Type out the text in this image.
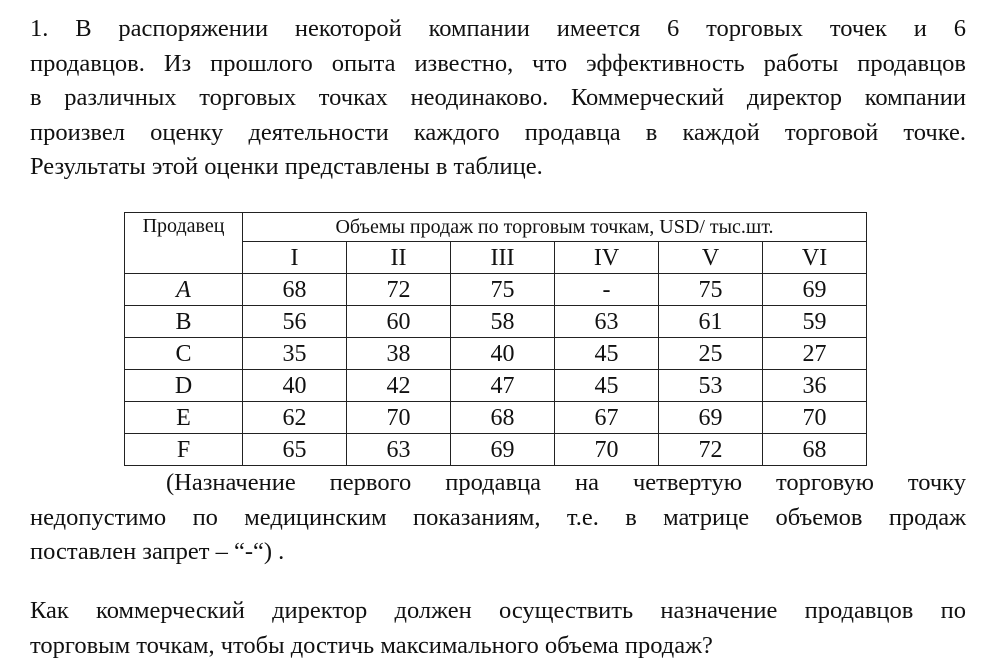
1. В распоряжении некоторой компании имеется 6 торговых точек и 6

продавцов. Из прошлого опыта известно, что эффективность работы продавцов

в различных торговых точках неодинаково. Коммерческий директор компании

произвел оценку деятельности каждого продавца в каждой торговой точке.

Результаты этой оценки представлены в таблице.

Продавец	Объемы продаж по торговым точкам, USD/ тыс.шт.					
	I	II	III	IV	V	VI
A	68	72	75	-	75	69
B	56	60	58	63	61	59
C	35	38	40	45	25	27
D	40	42	47	45	53	36
E	62	70	68	67	69	70
F	65	63	69	70	72	68

(Назначение первого продавца на четвертую торговую точку

недопустимо по медицинским показаниям, т.е. в матрице объемов продаж

поставлен запрет – “-“) .

Как коммерческий директор должен осуществить назначение продавцов по

торговым точкам, чтобы достичь максимального объема продаж?
